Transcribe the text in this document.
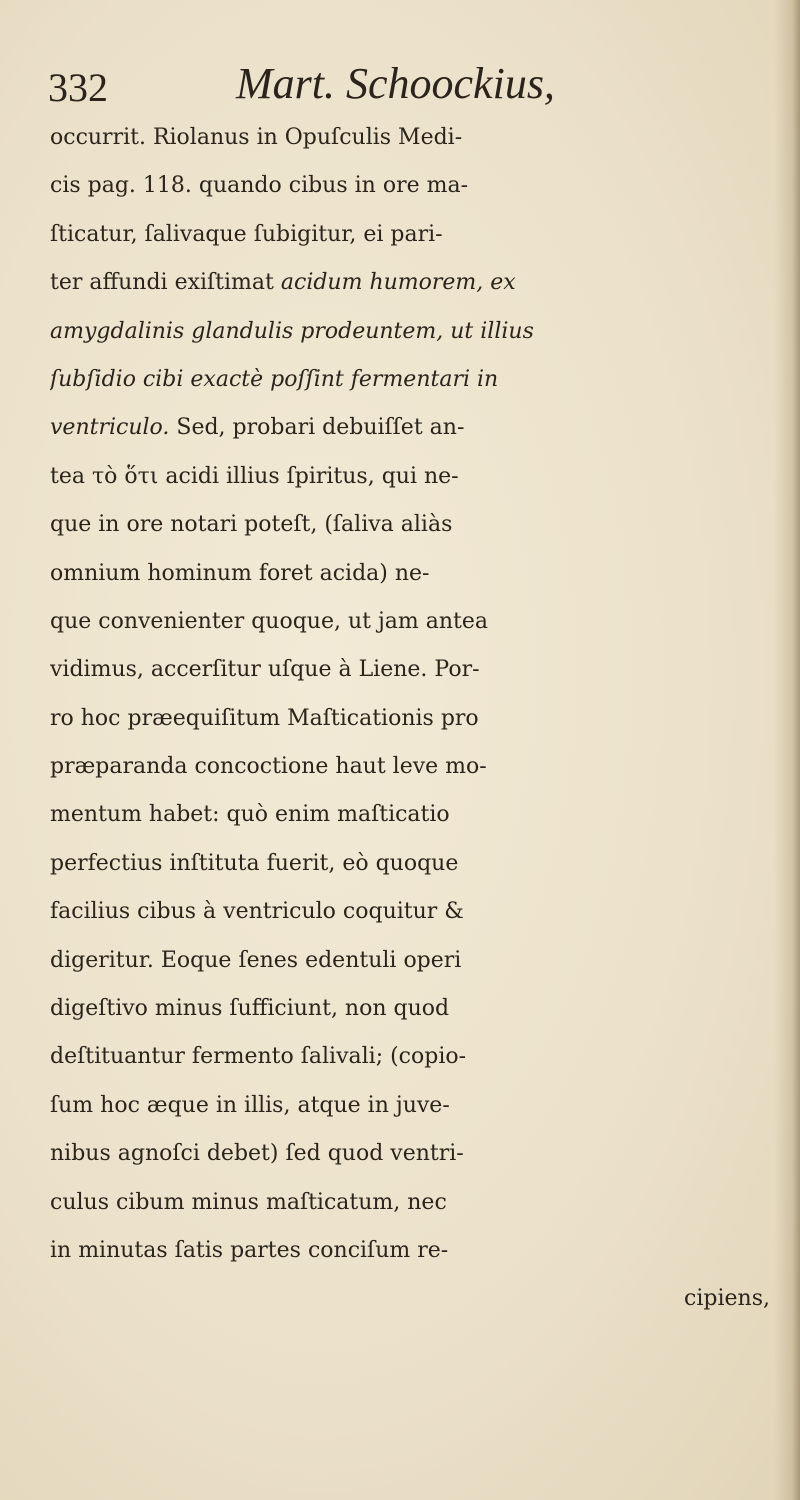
332	Mart. Schoockius,
occurrit. Riolanus in Opuſculis Medi-
cis pag. 118. quando cibus in ore ma-
ſticatur, ſalivaque ſubigitur, ei pari-
ter affundi exiſtimat acidum humorem, ex
amygdalinis glandulis prodeuntem, ut illius
ſubſidio cibi exactè poſſint fermentari in
ventriculo. Sed, probari debuiſſet an-
tea τὸ ὅτι acidi illius ſpiritus, qui ne-
que in ore notari poteſt, (ſaliva aliàs
omnium hominum foret acida) ne-
que convenienter quoque, ut jam antea
vidimus, accerſitur uſque à Liene. Por-
ro hoc præequiſitum Maſticationis pro
præparanda concoctione haut leve mo-
mentum habet: quò enim maſticatio
perfectius inſtituta fuerit, eò quoque
facilius cibus à ventriculo coquitur &
digeritur. Eoque ſenes edentuli operi
digeſtivo minus ſufficiunt, non quod
deſtituantur fermento ſalivali; (copio-
ſum hoc æque in illis, atque in juve-
nibus agnoſci debet) ſed quod ventri-
culus cibum minus maſticatum, nec
in minutas ſatis partes conciſum re-
cipiens,
